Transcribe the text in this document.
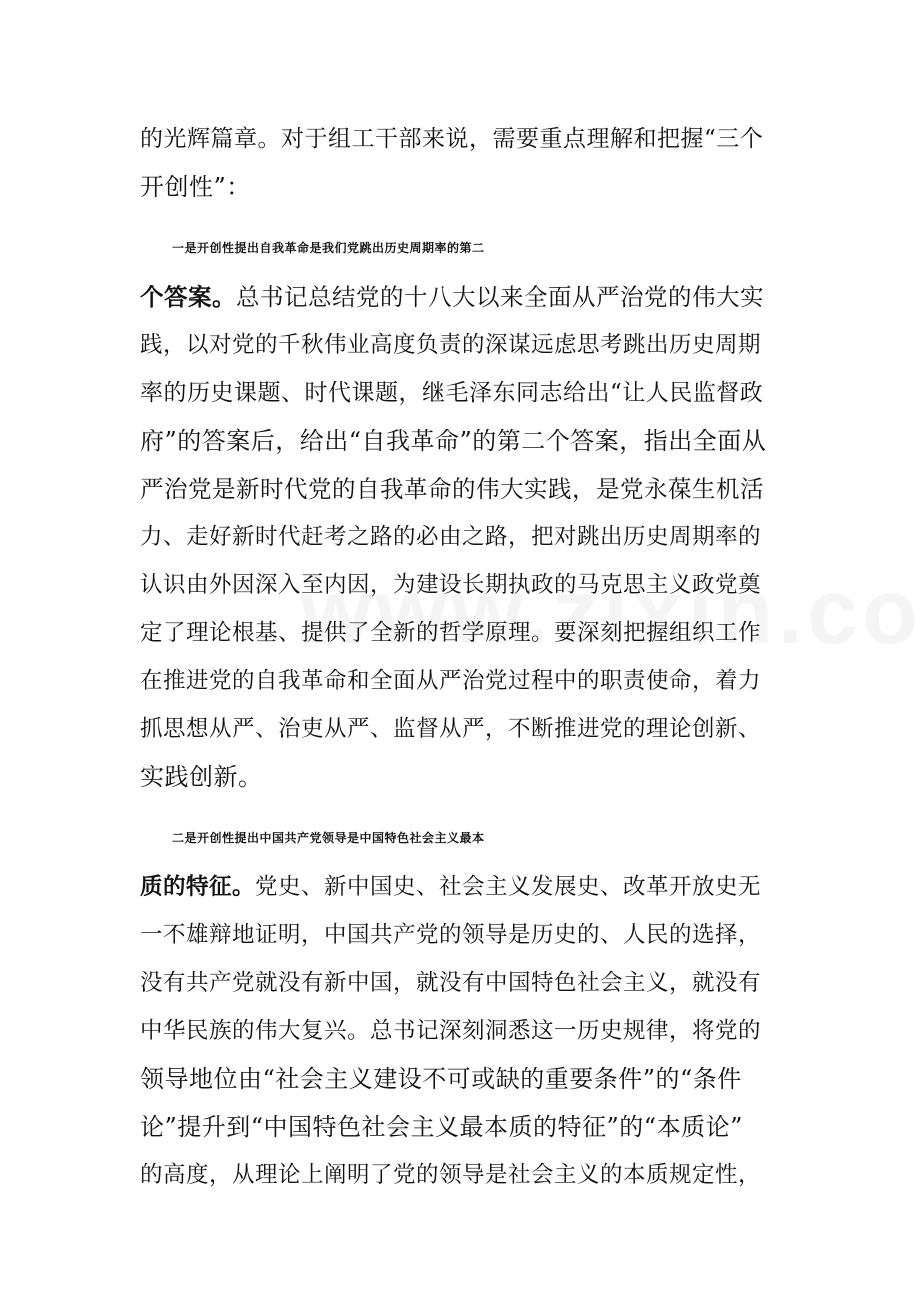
的光辉篇章。对于组工干部来说，需要重点理解和把握“三个
开创性”：
一是开创性提出自我革命是我们党跳出历史周期率的第二
个答案。总书记总结党的十八大以来全面从严治党的伟大实
践，以对党的千秋伟业高度负责的深谋远虑思考跳出历史周期
率的历史课题、时代课题，继毛泽东同志给出“让人民监督政
府”的答案后，给出“自我革命”的第二个答案，指出全面从
严治党是新时代党的自我革命的伟大实践，是党永葆生机活
力、走好新时代赶考之路的必由之路，把对跳出历史周期率的
认识由外因深入至内因，为建设长期执政的马克思主义政党奠
定了理论根基、提供了全新的哲学原理。要深刻把握组织工作
在推进党的自我革命和全面从严治党过程中的职责使命，着力
抓思想从严、治吏从严、监督从严，不断推进党的理论创新、
实践创新。
二是开创性提出中国共产党领导是中国特色社会主义最本
质的特征。党史、新中国史、社会主义发展史、改革开放史无
一不雄辩地证明，中国共产党的领导是历史的、人民的选择，
没有共产党就没有新中国，就没有中国特色社会主义，就没有
中华民族的伟大复兴。总书记深刻洞悉这一历史规律，将党的
领导地位由“社会主义建设不可或缺的重要条件”的“条件
论”提升到“中国特色社会主义最本质的特征”的“本质论”
的高度，从理论上阐明了党的领导是社会主义的本质规定性，
